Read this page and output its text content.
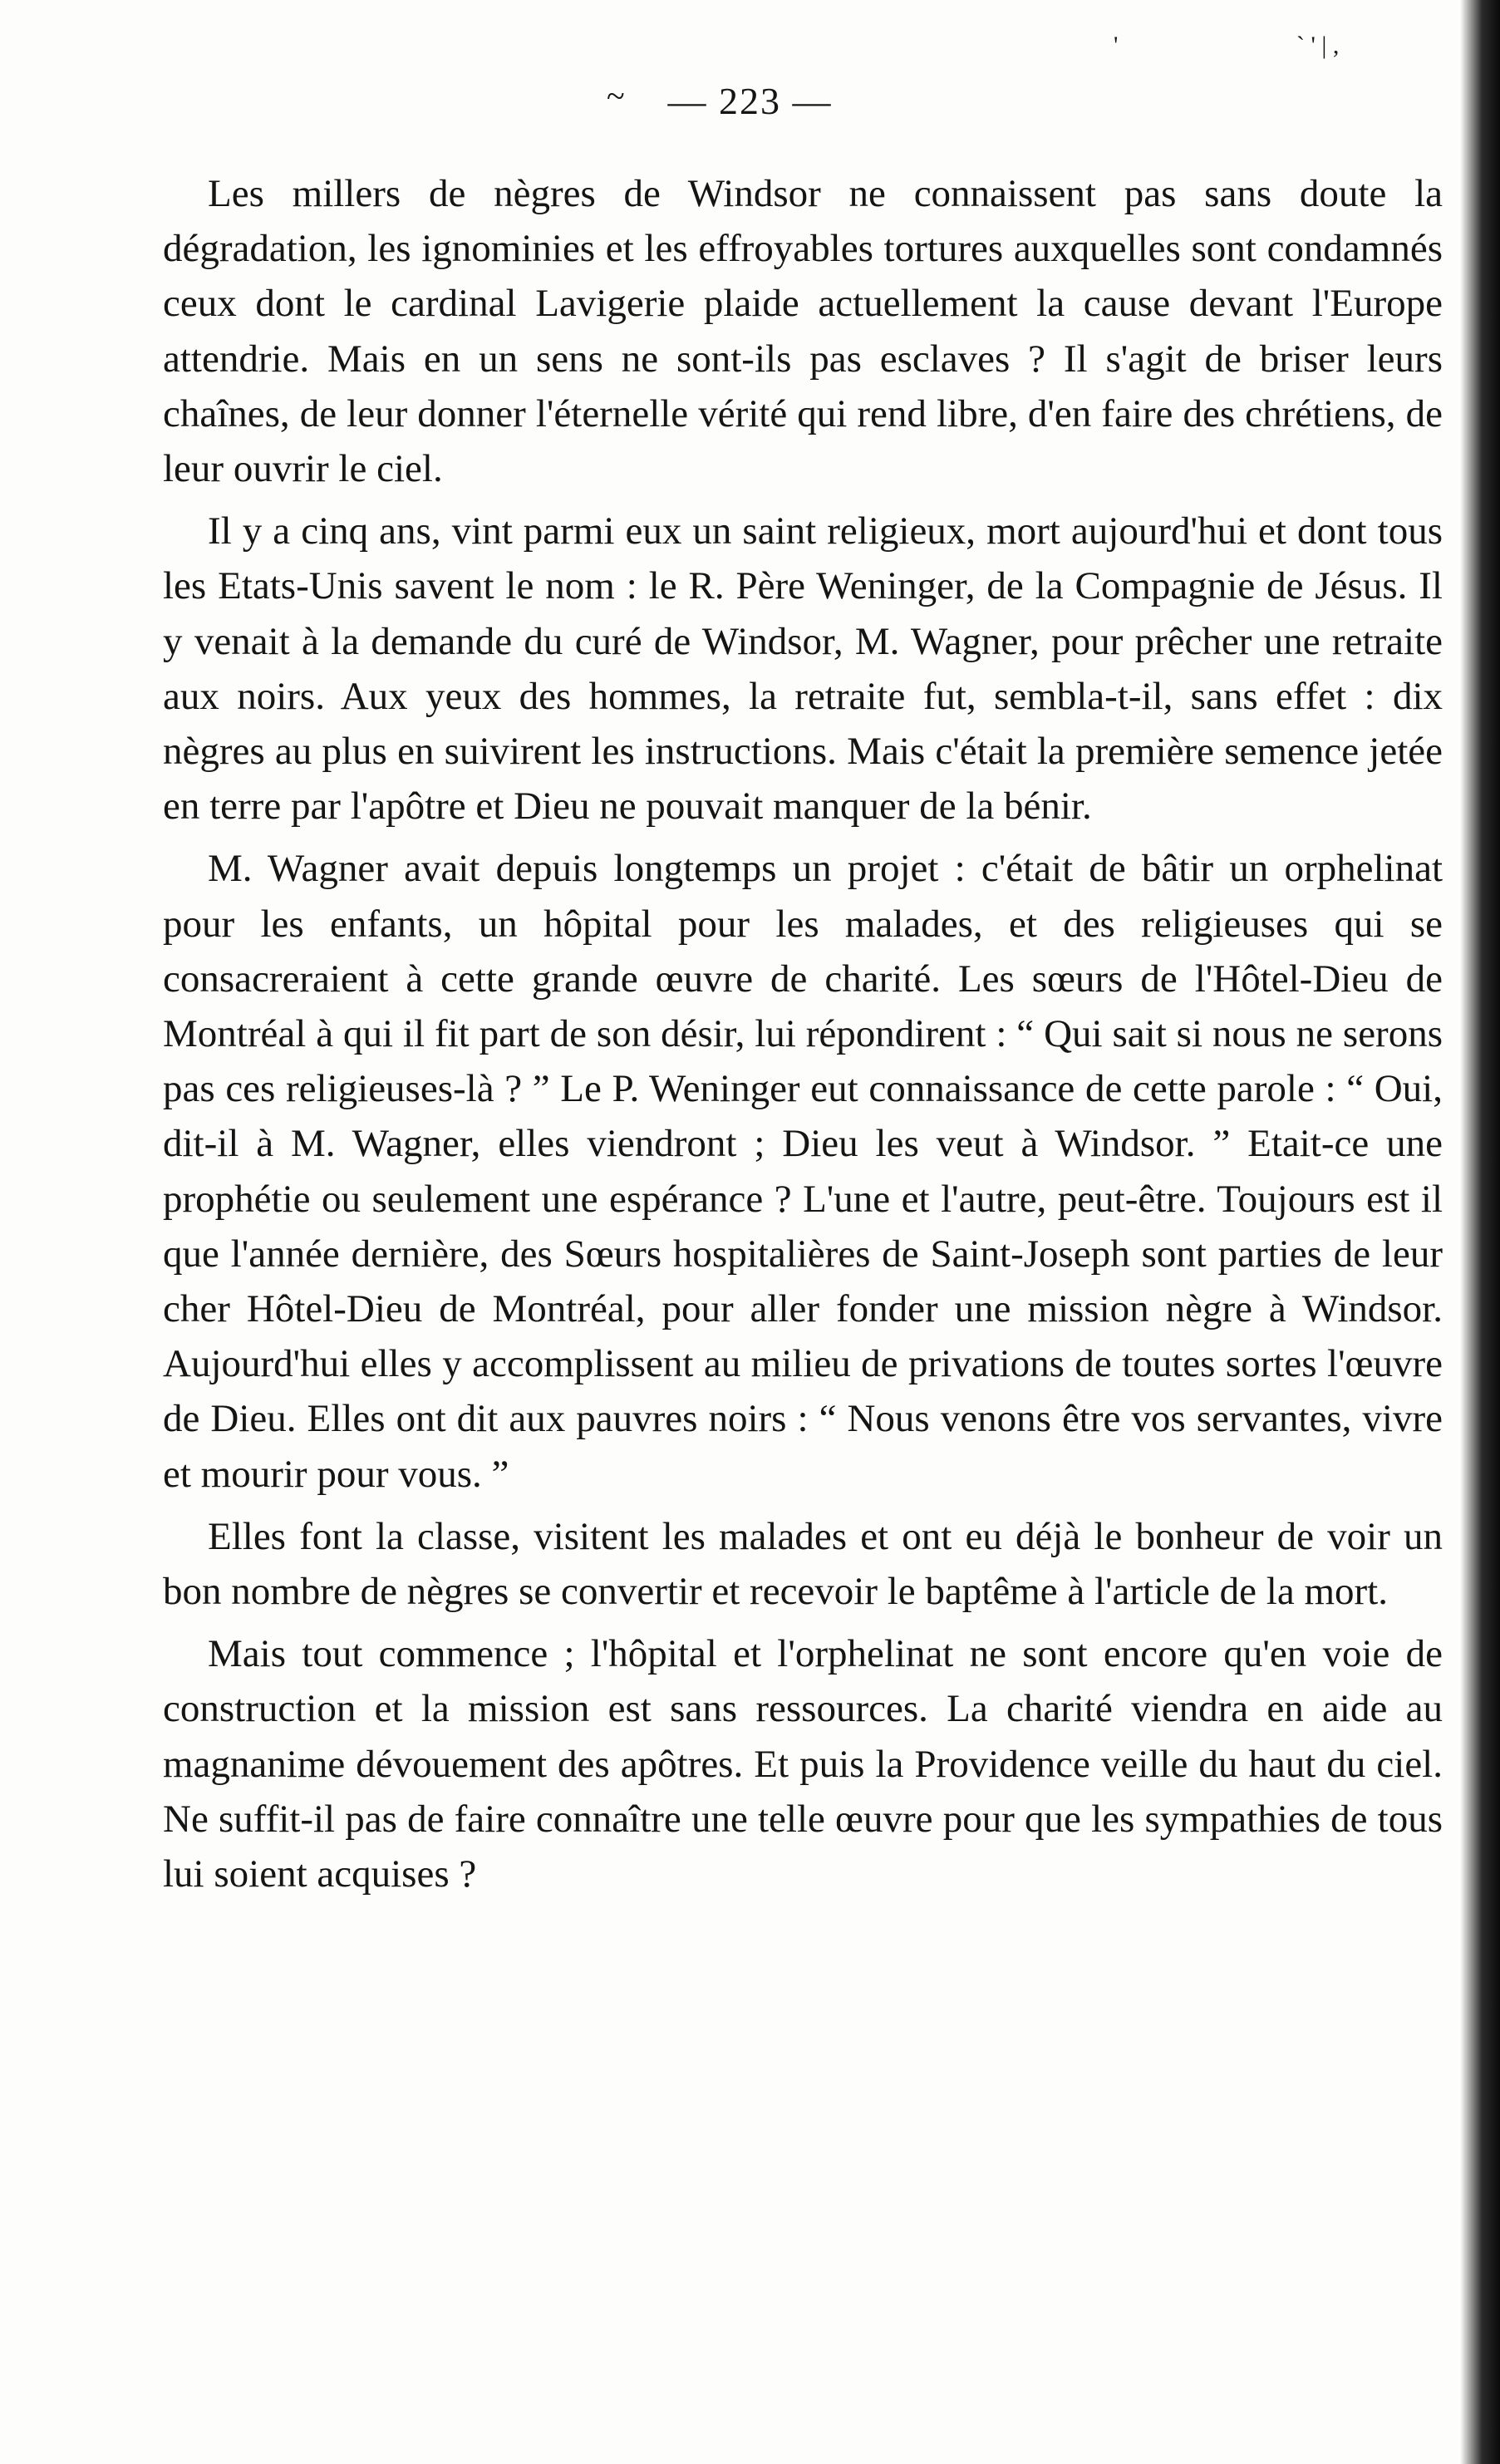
'	` ' | ,
~	— 223 —

Les millers de nègres de Windsor ne connaissent pas sans doute la dégradation, les ignominies et les effroyables tortures auxquelles sont condamnés ceux dont le cardinal Lavigerie plaide actuellement la cause devant l'Europe attendrie. Mais en un sens ne sont-ils pas esclaves ? Il s'agit de briser leurs chaînes, de leur donner l'éternelle vérité qui rend libre, d'en faire des chrétiens, de leur ouvrir le ciel.

Il y a cinq ans, vint parmi eux un saint religieux, mort aujourd'hui et dont tous les Etats-Unis savent le nom : le R. Père Weninger, de la Compagnie de Jésus. Il y venait à la demande du curé de Windsor, M. Wagner, pour prêcher une retraite aux noirs. Aux yeux des hommes, la retraite fut, sembla-t-il, sans effet : dix nègres au plus en suivirent les instructions. Mais c'était la première semence jetée en terre par l'apôtre et Dieu ne pouvait manquer de la bénir.

M. Wagner avait depuis longtemps un projet : c'était de bâtir un orphelinat pour les enfants, un hôpital pour les malades, et des religieuses qui se consacreraient à cette grande œuvre de charité. Les sœurs de l'Hôtel-Dieu de Montréal à qui il fit part de son désir, lui répondirent : “ Qui sait si nous ne serons pas ces religieuses-là ? ” Le P. Weninger eut connaissance de cette parole : “ Oui, dit-il à M. Wagner, elles viendront ; Dieu les veut à Windsor. ” Etait-ce une prophétie ou seulement une espérance ? L'une et l'autre, peut-être. Toujours est il que l'année dernière, des Sœurs hospitalières de Saint-Joseph sont parties de leur cher Hôtel-Dieu de Montréal, pour aller fonder une mission nègre à Windsor. Aujourd'hui elles y accomplissent au milieu de privations de toutes sortes l'œuvre de Dieu. Elles ont dit aux pauvres noirs : “ Nous venons être vos servantes, vivre et mourir pour vous. ”

Elles font la classe, visitent les malades et ont eu déjà le bonheur de voir un bon nombre de nègres se convertir et recevoir le baptême à l'article de la mort.

Mais tout commence ; l'hôpital et l'orphelinat ne sont encore qu'en voie de construction et la mission est sans ressources. La charité viendra en aide au magnanime dévouement des apôtres. Et puis la Providence veille du haut du ciel. Ne suffit-il pas de faire connaître une telle œuvre pour que les sympathies de tous lui soient acquises ?
